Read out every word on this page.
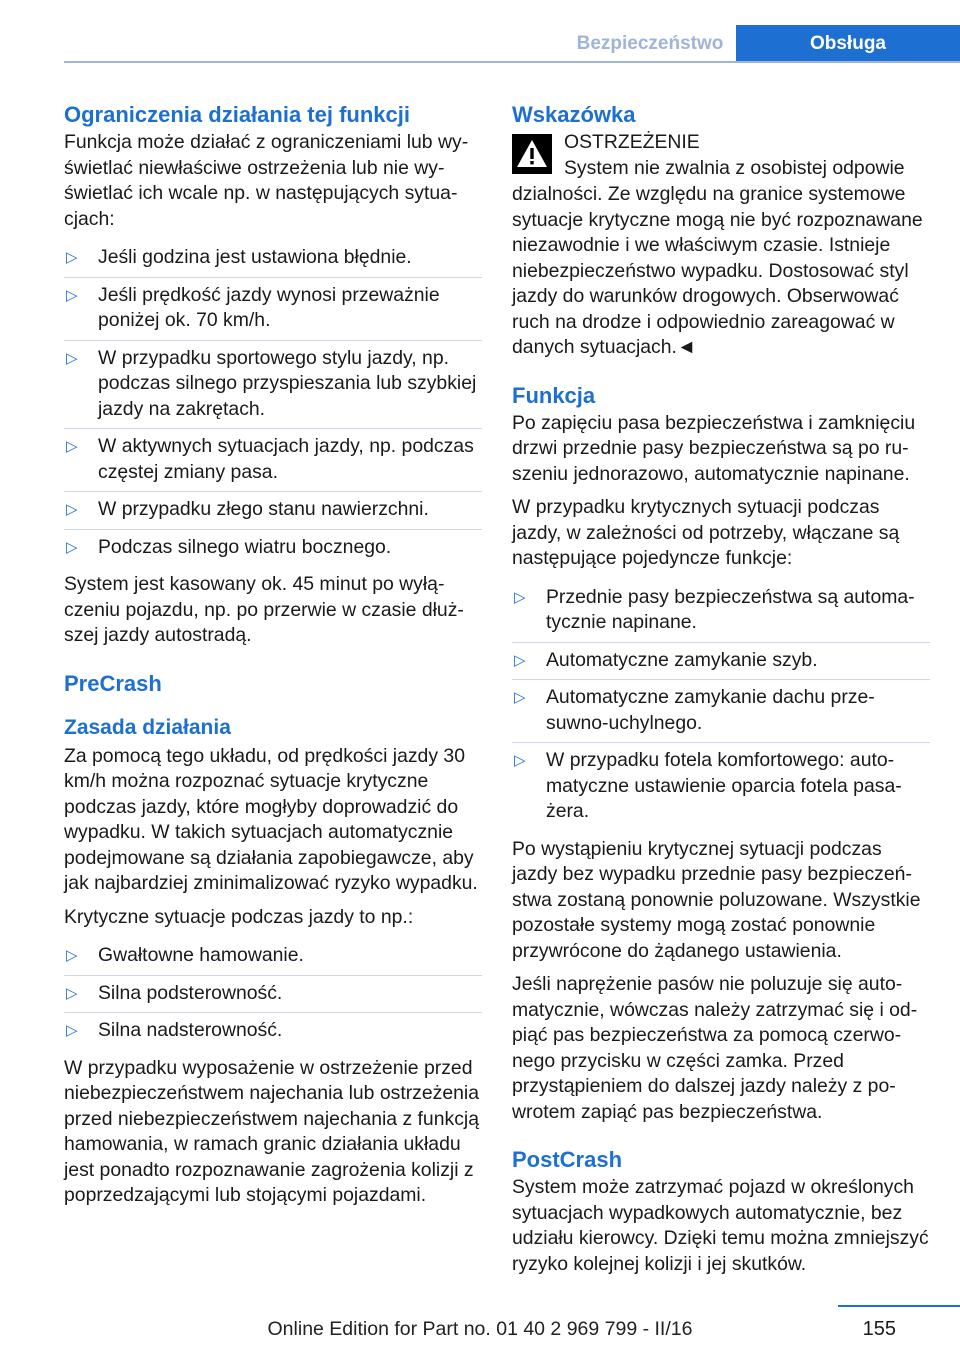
Bezpieczeństwo	Obsługa
Ograniczenia działania tej funkcji

Funkcja może działać z ograniczeniami lub wyświetlać niewłaściwe ostrzeżenia lub nie wyświetlać ich wcale np. w następujących sytuacjach:

▷ Jeśli godzina jest ustawiona błędnie.
▷ Jeśli prędkość jazdy wynosi przeważnie poniżej ok. 70 km/h.
▷ W przypadku sportowego stylu jazdy, np. podczas silnego przyspieszania lub szybkiej jazdy na zakrętach.
▷ W aktywnych sytuacjach jazdy, np. podczas częstej zmiany pasa.
▷ W przypadku złego stanu nawierzchni.
▷ Podczas silnego wiatru bocznego.

System jest kasowany ok. 45 minut po wyłączeniu pojazdu, np. po przerwie w czasie dłuższej jazdy autostradą.

PreCrash
Zasada działania

Za pomocą tego układu, od prędkości jazdy 30 km/h można rozpoznać sytuacje krytyczne podczas jazdy, które mogłyby doprowadzić do wypadku. W takich sytuacjach automatycznie podejmowane są działania zapobiegawcze, aby jak najbardziej zminimalizować ryzyko wypadku.

Krytyczne sytuacje podczas jazdy to np.:

▷ Gwałtowne hamowanie.
▷ Silna podsterowność.
▷ Silna nadsterowność.

W przypadku wyposażenie w ostrzeżenie przed niebezpieczeństwem najechania lub ostrzeżenia przed niebezpieczeństwem najechania z funkcją hamowania, w ramach granic działania układu jest ponadto rozpoznawanie zagrożenia kolizji z poprzedzającymi lub stojącymi pojazdami.

Wskazówka
OSTRZEŻENIE
System nie zwalnia z osobistej odpowie

dzialności. Ze względu na granice systemowe sytuacje krytyczne mogą nie być rozpoznawane niezawodnie i we właściwym czasie. Istnieje niebezpieczeństwo wypadku. Dostosować styl jazdy do warunków drogowych. Obserwować ruch na drodze i odpowiednio zareagować w danych sytuacjach.◄

Funkcja

Po zapięciu pasa bezpieczeństwa i zamknięciu drzwi przednie pasy bezpieczeństwa są po ruszeniu jednorazowo, automatycznie napinane.

W przypadku krytycznych sytuacji podczas jazdy, w zależności od potrzeby, włączane są następujące pojedyncze funkcje:

▷ Przednie pasy bezpieczeństwa są automatycznie napinane.
▷ Automatyczne zamykanie szyb.
▷ Automatyczne zamykanie dachu przesuwno-uchylnego.
▷ W przypadku fotela komfortowego: automatyczne ustawienie oparcia fotela pasażera.

Po wystąpieniu krytycznej sytuacji podczas jazdy bez wypadku przednie pasy bezpieczeństwa zostaną ponownie poluzowane. Wszystkie pozostałe systemy mogą zostać ponownie przywrócone do żądanego ustawienia.

Jeśli naprężenie pasów nie poluzuje się automatycznie, wówczas należy zatrzymać się i odpiąć pas bezpieczeństwa za pomocą czerwonego przycisku w części zamka. Przed przystąpieniem do dalszej jazdy należy z powrotem zapiąć pas bezpieczeństwa.

PostCrash

System może zatrzymać pojazd w określonych sytuacjach wypadkowych automatycznie, bez udziału kierowcy. Dzięki temu można zmniejszyć ryzyko kolejnej kolizji i jej skutków.

155
Online Edition for Part no. 01 40 2 969 799 - II/16
